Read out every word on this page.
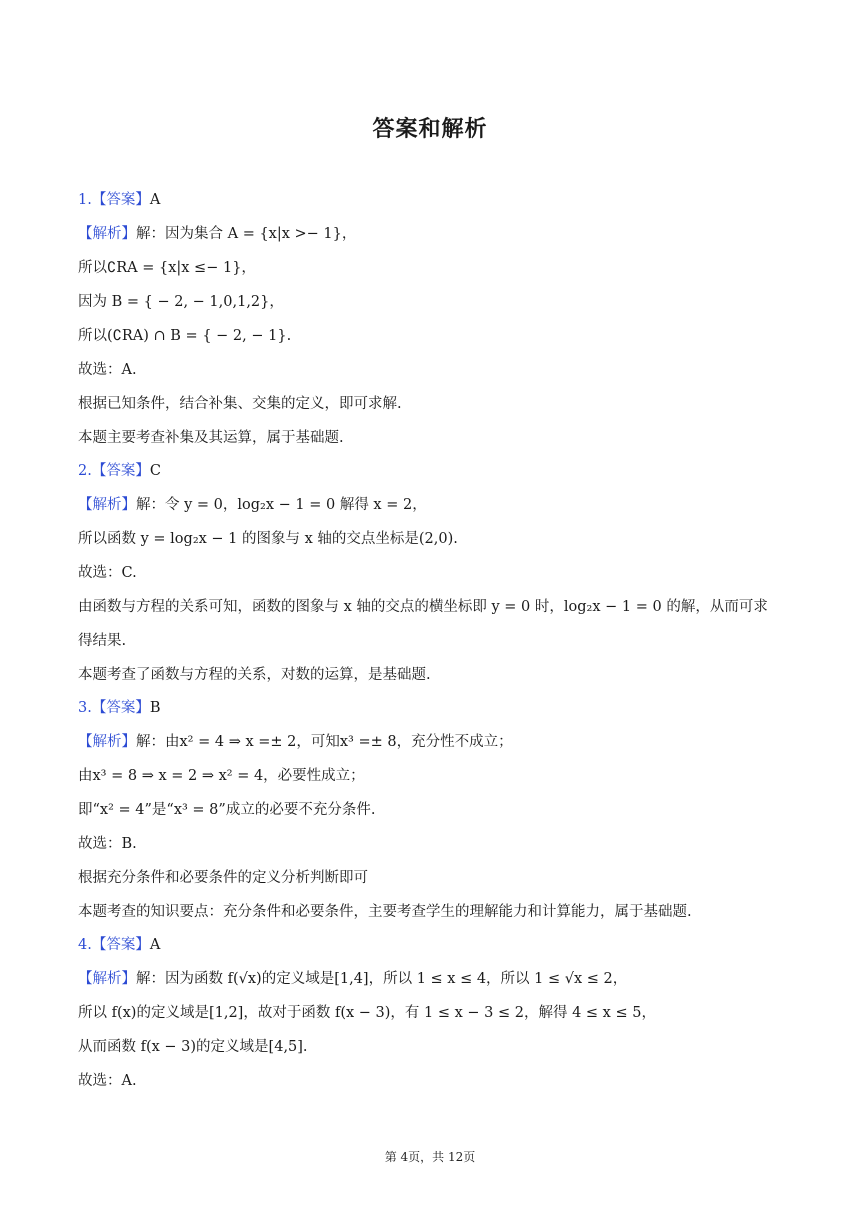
答案和解析
1.【答案】A
【解析】解：因为集合 A = {x|x >− 1}，
所以∁RA = {x|x ≤− 1}，
因为 B = { − 2, − 1,0,1,2}，
所以(∁RA) ∩ B = { − 2, − 1}.
故选：A.
根据已知条件，结合补集、交集的定义，即可求解.
本题主要考查补集及其运算，属于基础题.
2.【答案】C
【解析】解：令 y = 0，log₂x − 1 = 0 解得 x = 2，
所以函数 y = log₂x − 1 的图象与 x 轴的交点坐标是(2,0).
故选：C.
由函数与方程的关系可知，函数的图象与 x 轴的交点的横坐标即 y = 0 时，log₂x − 1 = 0 的解，从而可求
得结果.
本题考查了函数与方程的关系，对数的运算，是基础题.
3.【答案】B
【解析】解：由x² = 4 ⇒ x =± 2，可知x³ =± 8，充分性不成立；
由x³ = 8 ⇒ x = 2 ⇒ x² = 4，必要性成立；
即“x² = 4”是“x³ = 8”成立的必要不充分条件.
故选：B.
根据充分条件和必要条件的定义分析判断即可
本题考查的知识要点：充分条件和必要条件，主要考查学生的理解能力和计算能力，属于基础题.
4.【答案】A
【解析】解：因为函数 f(√x)的定义域是[1,4]，所以 1 ≤ x ≤ 4，所以 1 ≤ √x ≤ 2，
所以 f(x)的定义域是[1,2]，故对于函数 f(x − 3)，有 1 ≤ x − 3 ≤ 2，解得 4 ≤ x ≤ 5，
从而函数 f(x − 3)的定义域是[4,5].
故选：A.
第 4页，共 12页
